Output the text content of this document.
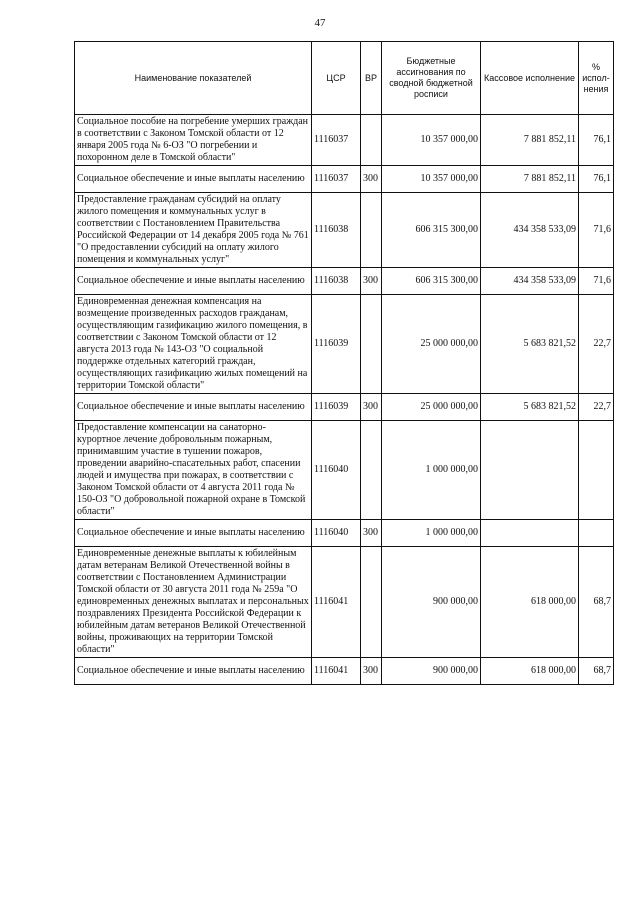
47
Наименование показателей	ЦСР	ВР	Бюджетные ассигнования по сводной бюджетной росписи	Кассовое исполнение	% испол-нения
Социальное пособие на погребение умерших граждан в соответствии с Законом Томской области от 12 января 2005 года № 6-ОЗ "О погребении и похоронном деле в Томской области"	1116037		10 357 000,00	7 881 852,11	76,1
Социальное обеспечение и иные выплаты населению	1116037	300	10 357 000,00	7 881 852,11	76,1
Предоставление гражданам субсидий на оплату жилого помещения и коммунальных услуг в соответствии с Постановлением Правительства Российской Федерации от 14 декабря 2005 года № 761 "О предоставлении субсидий на оплату жилого помещения и коммунальных услуг"	1116038		606 315 300,00	434 358 533,09	71,6
Социальное обеспечение и иные выплаты населению	1116038	300	606 315 300,00	434 358 533,09	71,6
Единовременная денежная компенсация на возмещение произведенных расходов гражданам, осуществляющим газификацию жилого помещения, в соответствии с Законом Томской области от 12 августа 2013 года № 143-ОЗ "О социальной поддержке отдельных категорий граждан, осуществляющих газификацию жилых помещений на территории Томской области"	1116039		25 000 000,00	5 683 821,52	22,7
Социальное обеспечение и иные выплаты населению	1116039	300	25 000 000,00	5 683 821,52	22,7
Предоставление компенсации на санаторно-курортное лечение добровольным пожарным, принимавшим участие в тушении пожаров, проведении аварийно-спасательных работ, спасении людей и имущества при пожарах, в соответствии с Законом Томской области от 4 августа 2011 года № 150-ОЗ "О добровольной пожарной охране в Томской области"	1116040		1 000 000,00		
Социальное обеспечение и иные выплаты населению	1116040	300	1 000 000,00		
Единовременные денежные выплаты к юбилейным датам ветеранам Великой Отечественной войны в соответствии с Постановлением Администрации Томской области от 30 августа 2011 года № 259а "О единовременных денежных выплатах и персональных поздравлениях Президента Российской Федерации к юбилейным датам ветеранов Великой Отечественной войны, проживающих на территории Томской области"	1116041		900 000,00	618 000,00	68,7
Социальное обеспечение и иные выплаты населению	1116041	300	900 000,00	618 000,00	68,7
